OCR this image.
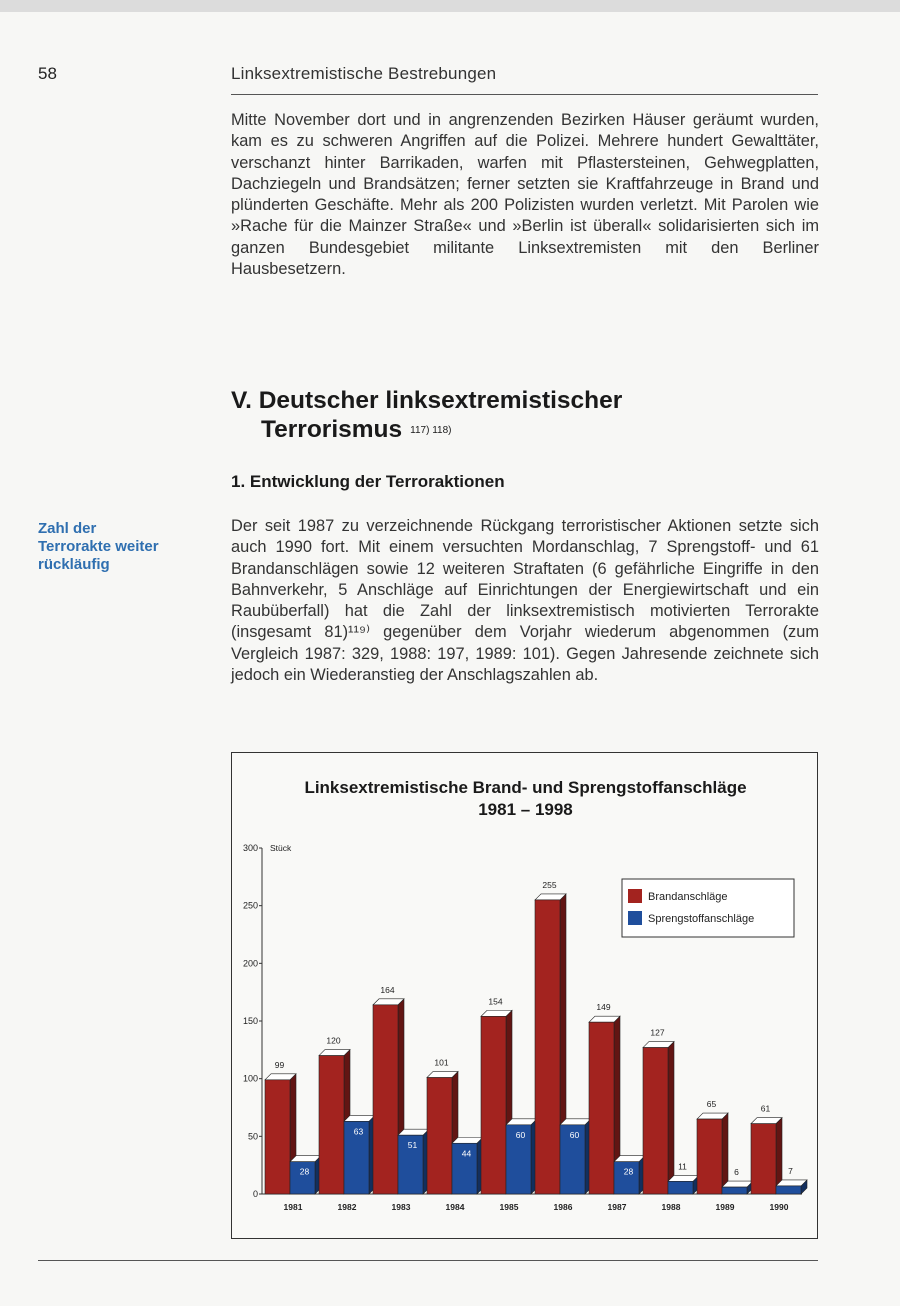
58	Linksextremistische Bestrebungen

Mitte November dort und in angrenzenden Bezirken Häuser geräumt wurden, kam es zu schweren Angriffen auf die Polizei. Mehrere hundert Gewalttäter, verschanzt hinter Barrikaden, warfen mit Pflastersteinen, Gehwegplatten, Dachziegeln und Brandsätzen; ferner setzten sie Kraftfahrzeuge in Brand und plünderten Geschäfte. Mehr als 200 Polizisten wurden verletzt. Mit Parolen wie »Rache für die Mainzer Straße« und »Berlin ist überall« solidarisierten sich im ganzen Bundesgebiet militante Linksextremisten mit den Berliner Hausbesetzern.

V. Deutscher linksextremistischer
Terrorismus $^{117) 118)}$
1. Entwicklung der Terroraktionen
Zahl der
Terrorakte weiter
rückläufig

Der seit 1987 zu verzeichnende Rückgang terroristischer Aktionen setzte sich auch 1990 fort. Mit einem versuchten Mordanschlag, 7 Sprengstoff- und 61 Brandanschlägen sowie 12 weiteren Straftaten (6 gefährliche Eingriffe in den Bahnverkehr, 5 Anschläge auf Einrichtungen der Energiewirtschaft und ein Raubüberfall) hat die Zahl der linksextremistisch motivierten Terrorakte (insgesamt 81)¹¹⁹⁾ gegenüber dem Vorjahr wiederum abgenommen (zum Vergleich 1987: 329, 1988: 197, 1989: 101). Gegen Jahresende zeichnete sich jedoch ein Wiederanstieg der Anschlagszahlen ab.

Linksextremistische Brand- und Sprengstoffanschläge
1981 – 1998
0
50
100
150
200
250
300 Stück
99
28
1981
120
63
1982
164
51
1983
101
44
1984
154
60
1985
255
60
1986
149
28
1987
127
11
1988
65
6
1989
61
7
1990
Brandanschläge
Sprengstoffanschläge
